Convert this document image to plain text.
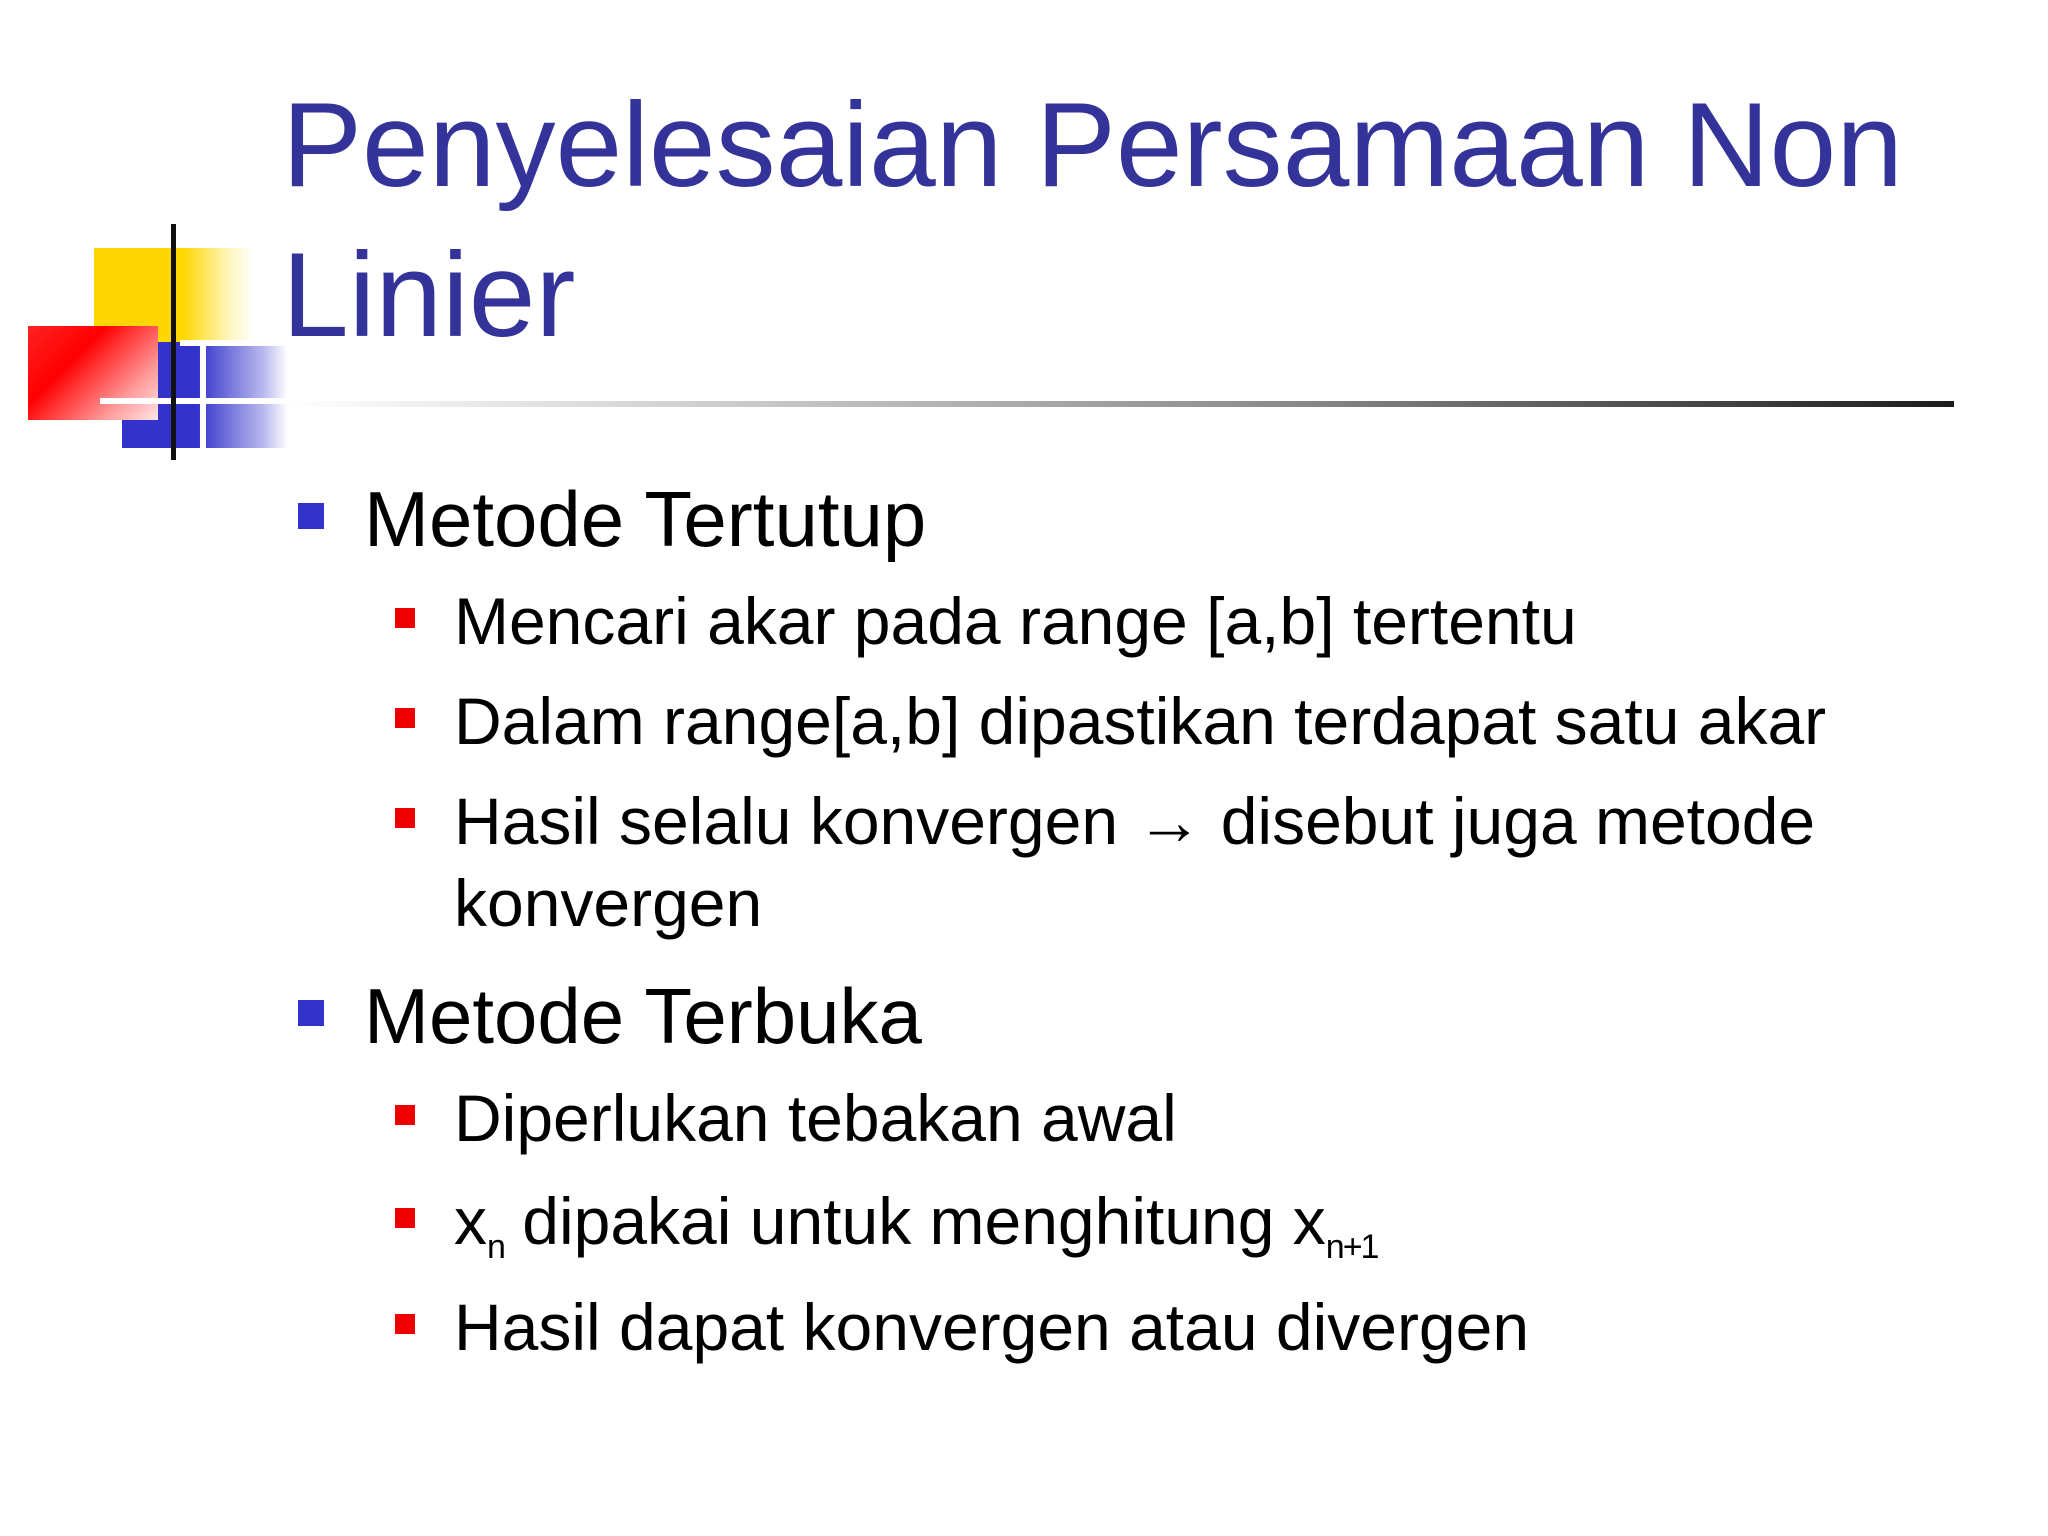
Penyelesaian Persamaan Non Linier
Metode Tertutup
Mencari akar pada range [a,b] tertentu
Dalam range[a,b] dipastikan terdapat satu akar
Hasil selalu konvergen → disebut juga metode
konvergen
Metode Terbuka
Diperlukan tebakan awal
$x_n$ dipakai untuk menghitung $x_{n+1}$
Hasil dapat konvergen atau divergen
